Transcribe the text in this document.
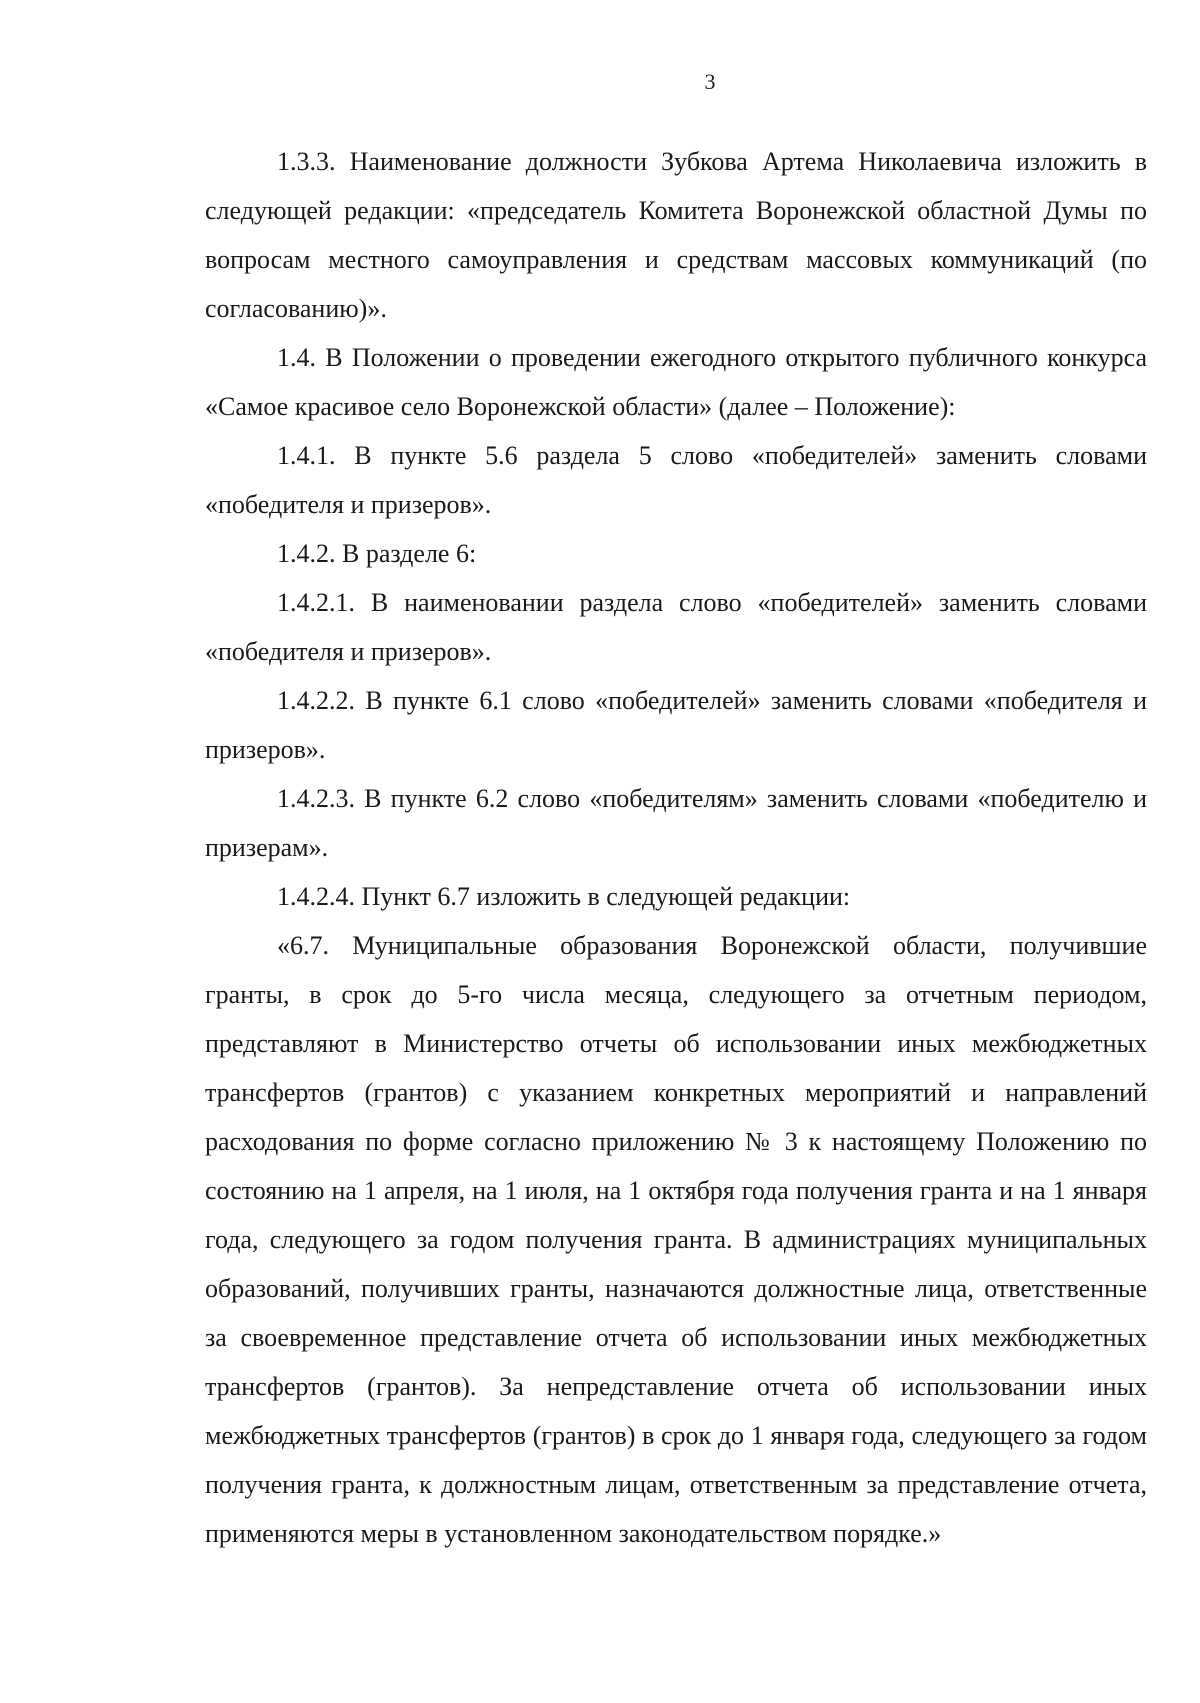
3

1.3.3. Наименование должности Зубкова Артема Николаевича изложить в следующей редакции: «председатель Комитета Воронежской областной Думы по вопросам местного самоуправления и средствам массовых коммуникаций (по согласованию)».

1.4. В Положении о проведении ежегодного открытого публичного конкурса «Самое красивое село Воронежской области» (далее – Положение):

1.4.1. В пункте 5.6 раздела 5 слово «победителей» заменить словами «победителя и призеров».

1.4.2. В разделе 6:

1.4.2.1. В наименовании раздела слово «победителей» заменить словами «победителя и призеров».

1.4.2.2. В пункте 6.1 слово «победителей» заменить словами «победителя и призеров».

1.4.2.3. В пункте 6.2 слово «победителям» заменить словами «победителю и призерам».

1.4.2.4. Пункт 6.7 изложить в следующей редакции:

«6.7. Муниципальные образования Воронежской области, получившие гранты, в срок до 5-го числа месяца, следующего за отчетным периодом, представляют в Министерство отчеты об использовании иных межбюджетных трансфертов (грантов) с указанием конкретных мероприятий и направлений расходования по форме согласно приложению № 3 к настоящему Положению по состоянию на 1 апреля, на 1 июля, на 1 октября года получения гранта и на 1 января года, следующего за годом получения гранта. В администрациях муниципальных образований, получивших гранты, назначаются должностные лица, ответственные за своевременное представление отчета об использовании иных межбюджетных трансфертов (грантов). За непредставление отчета об использовании иных межбюджетных трансфертов (грантов) в срок до 1 января года, следующего за годом получения гранта, к должностным лицам, ответственным за представление отчета, применяются меры в установленном законодательством порядке.»
